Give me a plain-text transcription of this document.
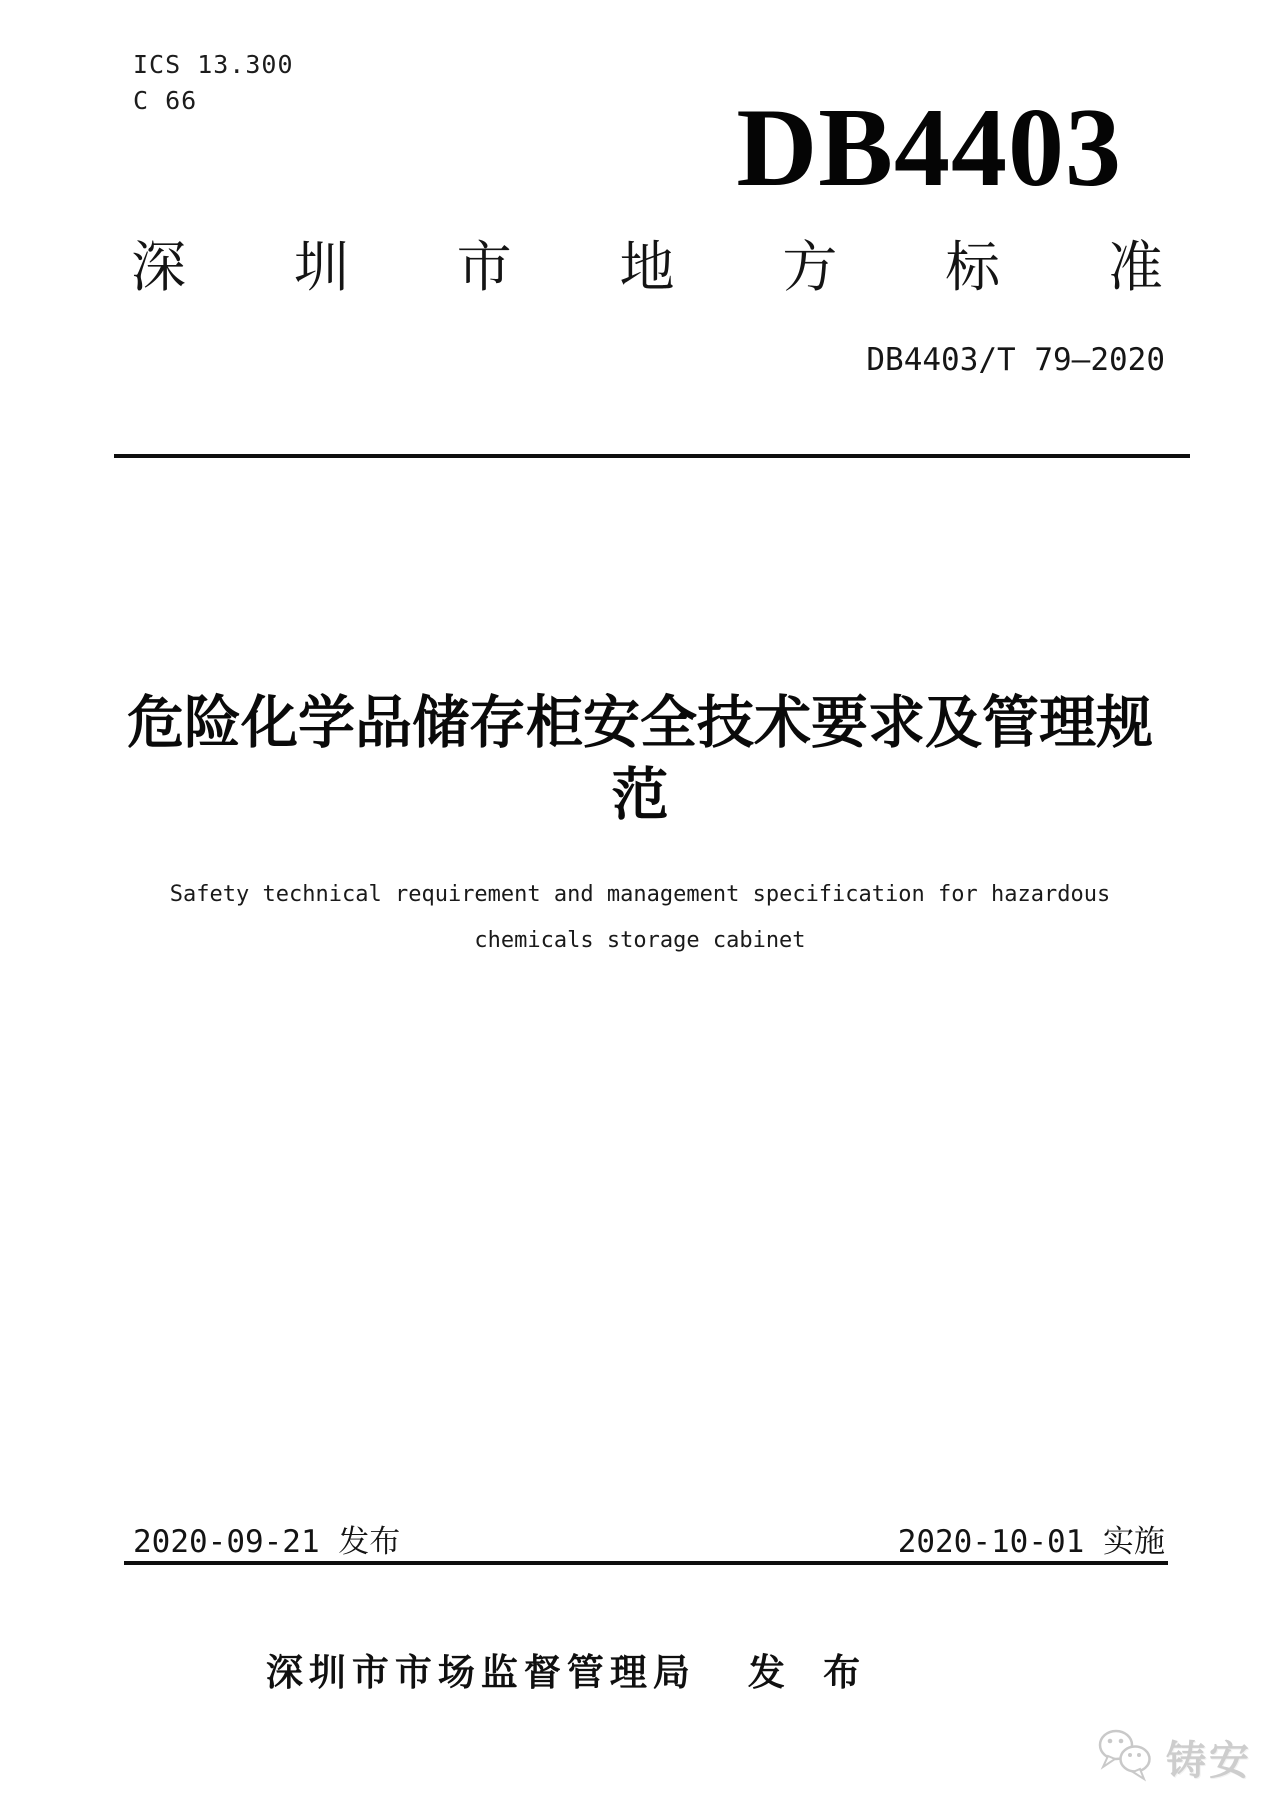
ICS 13.300
C 66	DB4403
深 圳 市 地 方 标 准
DB4403/T 79—2020
危险化学品储存柜安全技术要求及管理规
范
Safety technical requirement and management specification for hazardous
chemicals storage cabinet
2020-09-21 发布	2020-10-01 实施
深圳市市场监督管理局 发 布
铸安
